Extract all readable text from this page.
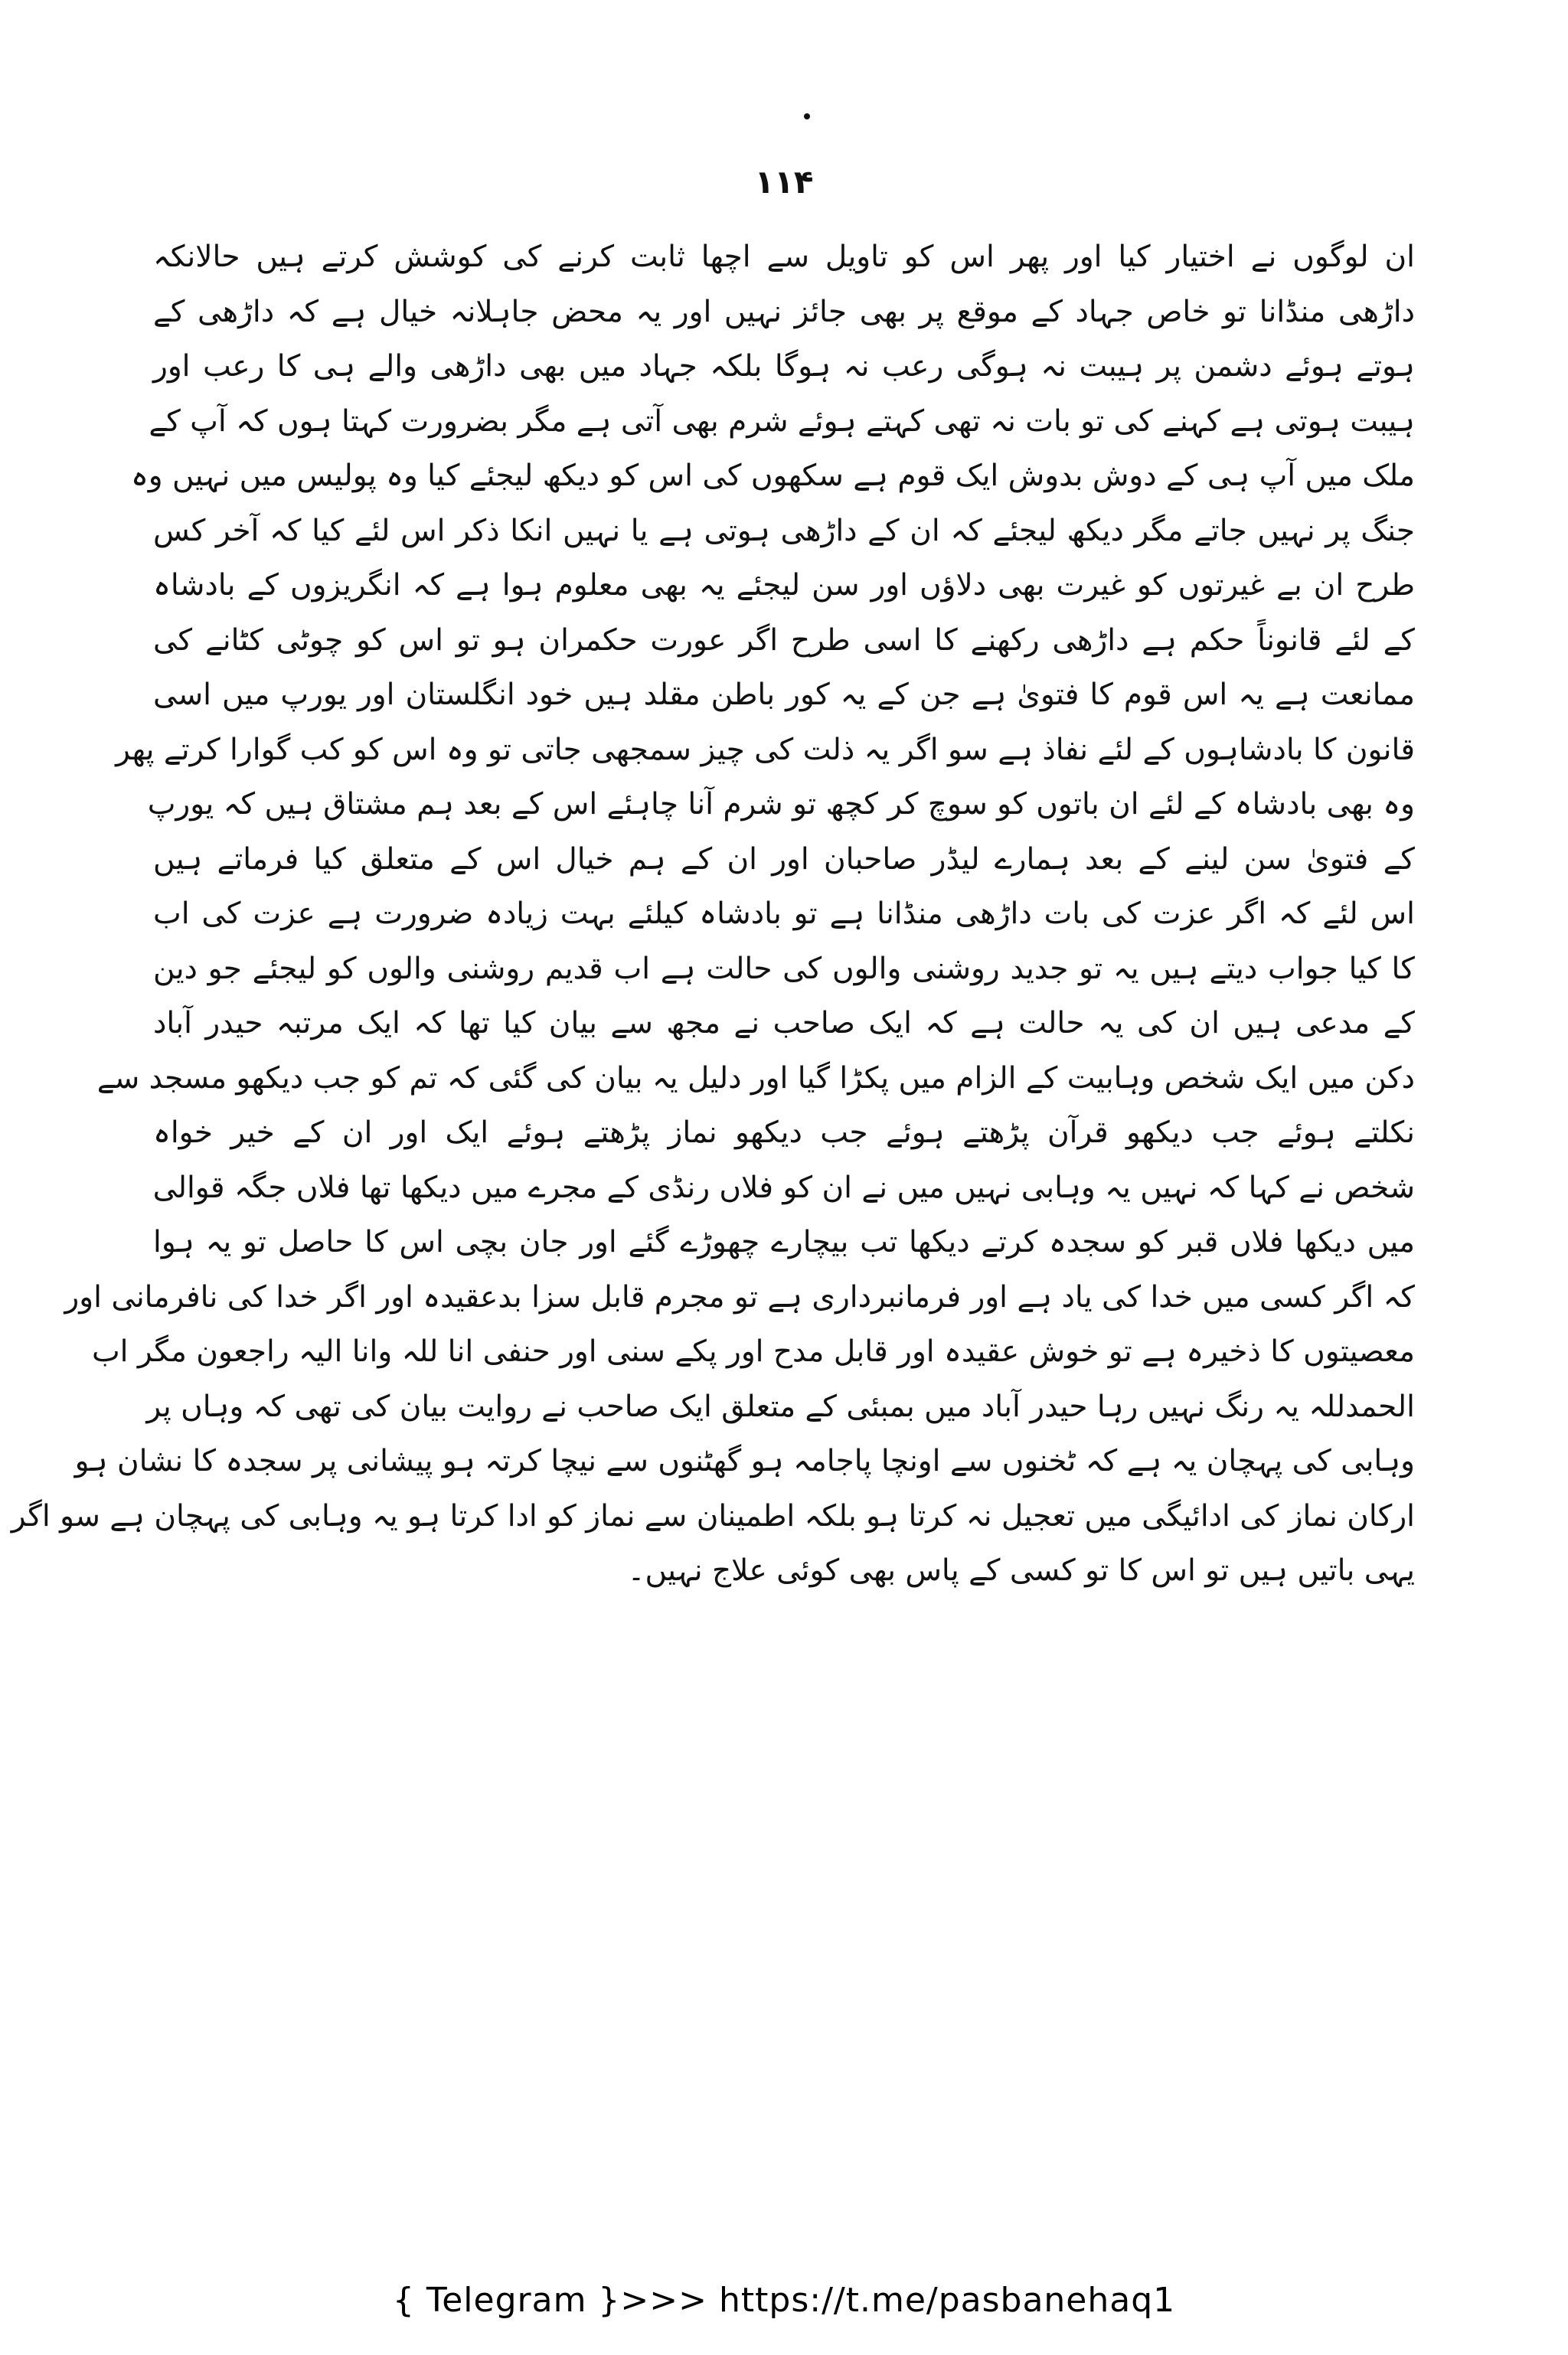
۱۱۴
ان لوگوں نے اختیار کیا اور پھر اس کو تاویل سے اچھا ثابت کرنے کی کوشش کرتے ہیں حالانکہ
داڑھی منڈانا تو خاص جہاد کے موقع پر بھی جائز نہیں اور یہ محض جاہلانہ خیال ہے کہ داڑھی کے
ہوتے ہوئے دشمن پر ہیبت نہ ہوگی رعب نہ ہوگا بلکہ جہاد میں بھی داڑھی والے ہی کا رعب اور
ہیبت ہوتی ہے کہنے کی تو بات نہ تھی کہتے ہوئے شرم بھی آتی ہے مگر بضرورت کہتا ہوں کہ آپ کے
ملک میں آپ ہی کے دوش بدوش ایک قوم ہے سکھوں کی اس کو دیکھ لیجئے کیا وہ پولیس میں نہیں وہ
جنگ پر نہیں جاتے مگر دیکھ لیجئے کہ ان کے داڑھی ہوتی ہے یا نہیں انکا ذکر اس لئے کیا کہ آخر کس
طرح ان بے غیرتوں کو غیرت بھی دلاؤں اور سن لیجئے یہ بھی معلوم ہوا ہے کہ انگریزوں کے بادشاہ
کے لئے قانوناً حکم ہے داڑھی رکھنے کا اسی طرح اگر عورت حکمران ہو تو اس کو چوٹی کٹانے کی
ممانعت ہے یہ اس قوم کا فتویٰ ہے جن کے یہ کور باطن مقلد ہیں خود انگلستان اور یورپ میں اسی
قانون کا بادشاہوں کے لئے نفاذ ہے سو اگر یہ ذلت کی چیز سمجھی جاتی تو وہ اس کو کب گوارا کرتے پھر
وہ بھی بادشاہ کے لئے ان باتوں کو سوچ کر کچھ تو شرم آنا چاہئے اس کے بعد ہم مشتاق ہیں کہ یورپ
کے فتویٰ سن لینے کے بعد ہمارے لیڈر صاحبان اور ان کے ہم خیال اس کے متعلق کیا فرماتے ہیں
اس لئے کہ اگر عزت کی بات داڑھی منڈانا ہے تو بادشاہ کیلئے بہت زیادہ ضرورت ہے عزت کی اب
کا کیا جواب دیتے ہیں یہ تو جدید روشنی والوں کی حالت ہے اب قدیم روشنی والوں کو لیجئے جو دین
کے مدعی ہیں ان کی یہ حالت ہے کہ ایک صاحب نے مجھ سے بیان کیا تھا کہ ایک مرتبہ حیدر آباد
دکن میں ایک شخص وہابیت کے الزام میں پکڑا گیا اور دلیل یہ بیان کی گئی کہ تم کو جب دیکھو مسجد سے
نکلتے ہوئے جب دیکھو قرآن پڑھتے ہوئے جب دیکھو نماز پڑھتے ہوئے ایک اور ان کے خیر خواہ
شخص نے کہا کہ نہیں یہ وہابی نہیں میں نے ان کو فلاں رنڈی کے مجرے میں دیکھا تھا فلاں جگہ قوالی
میں دیکھا فلاں قبر کو سجدہ کرتے دیکھا تب بیچارے چھوڑے گئے اور جان بچی اس کا حاصل تو یہ ہوا
کہ اگر کسی میں خدا کی یاد ہے اور فرمانبرداری ہے تو مجرم قابل سزا بدعقیدہ اور اگر خدا کی نافرمانی اور
معصیتوں کا ذخیرہ ہے تو خوش عقیدہ اور قابل مدح اور پکے سنی اور حنفی انا للہ وانا الیہ راجعون مگر اب
الحمدللہ یہ رنگ نہیں رہا حیدر آباد میں بمبئی کے متعلق ایک صاحب نے روایت بیان کی تھی کہ وہاں پر
وہابی کی پہچان یہ ہے کہ ٹخنوں سے اونچا پاجامہ ہو گھٹنوں سے نیچا کرتہ ہو پیشانی پر سجدہ کا نشان ہو
ارکان نماز کی ادائیگی میں تعجیل نہ کرتا ہو بلکہ اطمینان سے نماز کو ادا کرتا ہو یہ وہابی کی پہچان ہے سو اگر
یہی باتیں ہیں تو اس کا تو کسی کے پاس بھی کوئی علاج نہیں۔
{ Telegram }>>> https://t.me/pasbanehaq1
